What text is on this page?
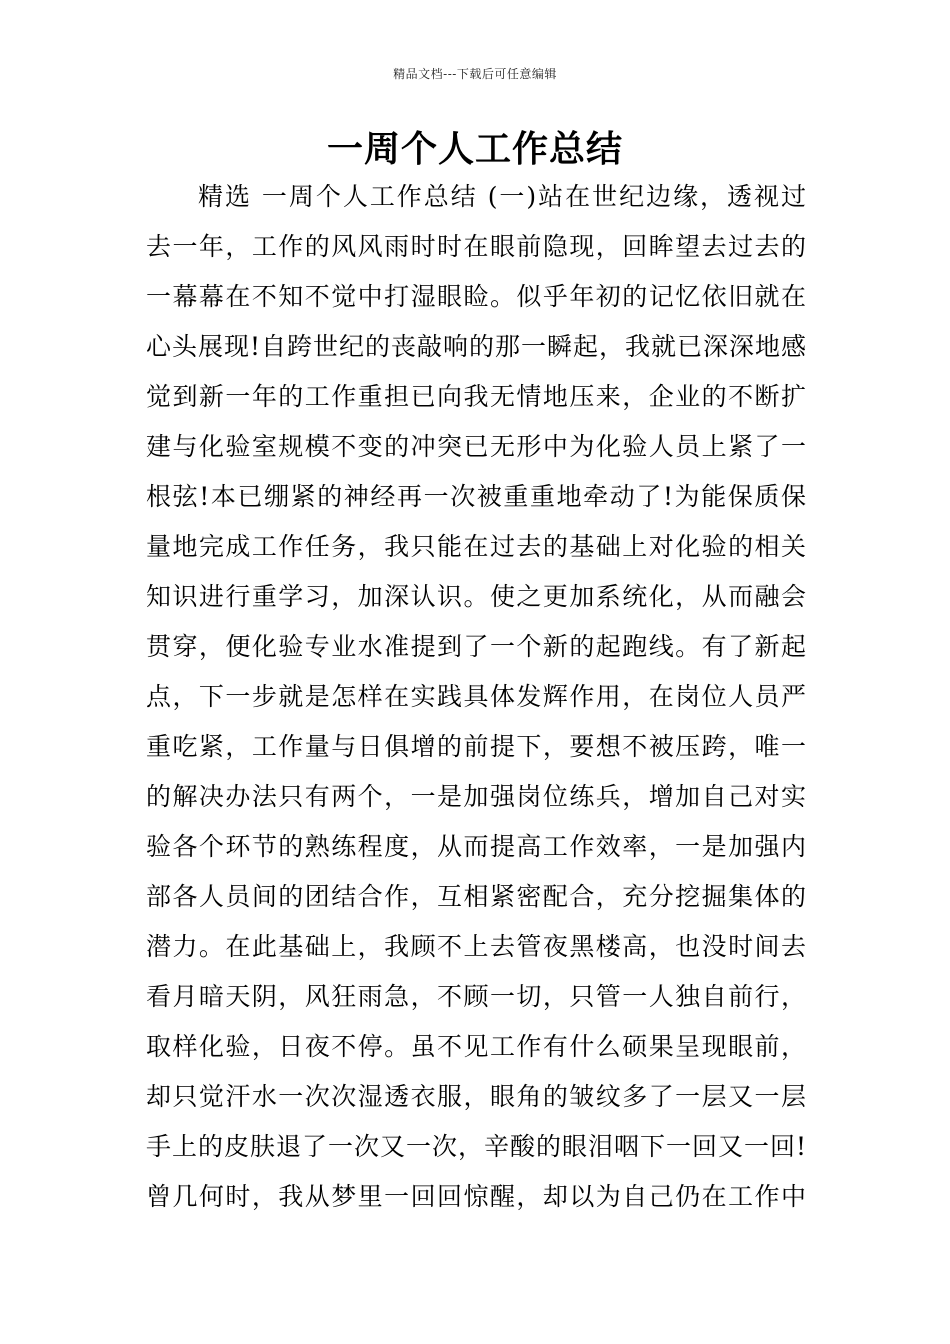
精品文档---下载后可任意编辑
一周个人工作总结
精选 一周个人工作总结 (一)站在世纪边缘，透视过
去一年，工作的风风雨时时在眼前隐现，回眸望去过去的
一幕幕在不知不觉中打湿眼睑。似乎年初的记忆依旧就在
心头展现!自跨世纪的丧敲响的那一瞬起，我就已深深地感
觉到新一年的工作重担已向我无情地压来，企业的不断扩
建与化验室规模不变的冲突已无形中为化验人员上紧了一
根弦!本已绷紧的神经再一次被重重地牵动了!为能保质保
量地完成工作任务，我只能在过去的基础上对化验的相关
知识进行重学习，加深认识。使之更加系统化，从而融会
贯穿，便化验专业水准提到了一个新的起跑线。有了新起
点，下一步就是怎样在实践具体发辉作用，在岗位人员严
重吃紧，工作量与日俱增的前提下，要想不被压跨，唯一
的解决办法只有两个，一是加强岗位练兵，增加自己对实
验各个环节的熟练程度，从而提高工作效率，一是加强内
部各人员间的团结合作，互相紧密配合，充分挖掘集体的
潜力。在此基础上，我顾不上去管夜黑楼高，也没时间去
看月暗天阴，风狂雨急，不顾一切，只管一人独自前行，
取样化验，日夜不停。虽不见工作有什么硕果呈现眼前，
却只觉汗水一次次湿透衣服，眼角的皱纹多了一层又一层
手上的皮肤退了一次又一次，辛酸的眼泪咽下一回又一回!
曾几何时，我从梦里一回回惊醒，却以为自己仍在工作中
